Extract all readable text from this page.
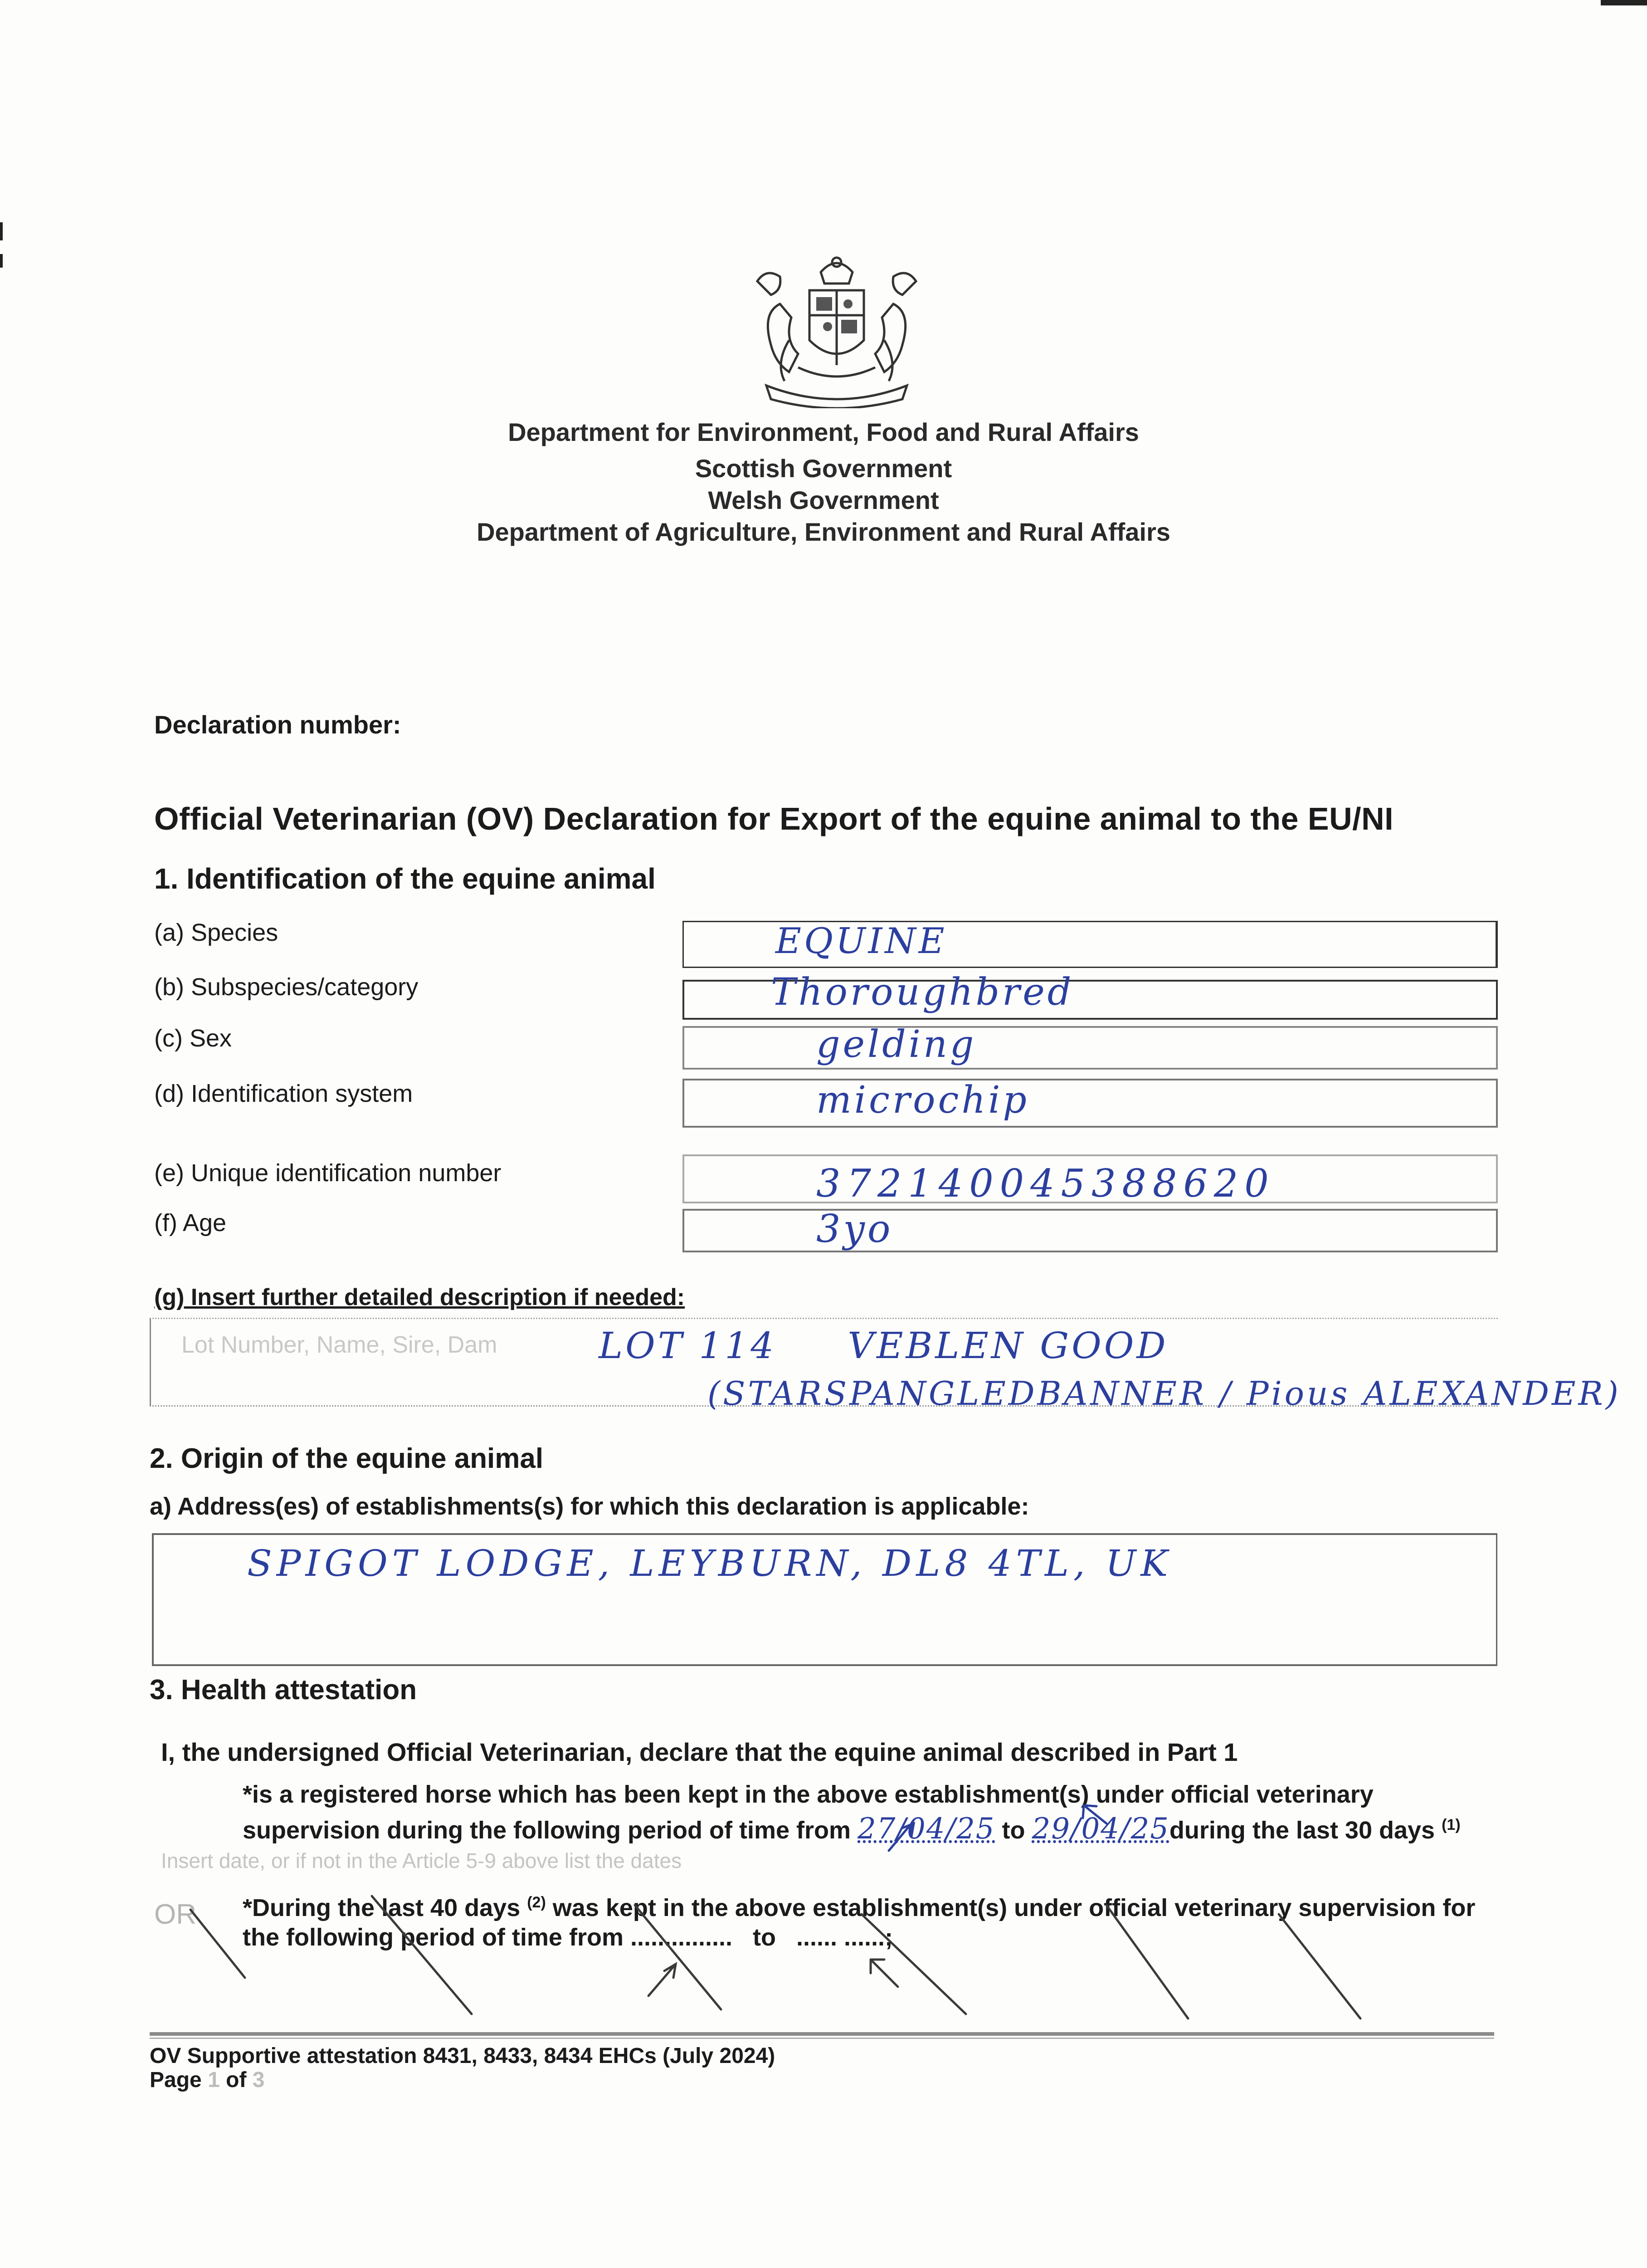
Department for Environment, Food and Rural Affairs
Scottish Government
Welsh Government
Department of Agriculture, Environment and Rural Affairs
Declaration number:
Official Veterinarian (OV) Declaration for Export of the equine animal to the EU/NI
1. Identification of the equine animal
(a) Species
(b) Subspecies/category
(c) Sex
(d) Identification system
(e) Unique identification number
(f) Age
EQUINE
Thoroughbred
gelding
microchip
372140045388620
3yo
(g) Insert further detailed description if needed:
Lot Number, Name, Sire, Dam	LOT 114     VEBLEN GOOD
(STARSPANGLEDBANNER / Pious ALEXANDER)
2. Origin of the equine animal
a) Address(es) of establishments(s) for which this declaration is applicable:
SPIGOT LODGE, LEYBURN, DL8 4TL, UK
3. Health attestation
I, the undersigned Official Veterinarian, declare that the equine animal described in Part 1
*is a registered horse which has been kept in the above establishment(s) under official veterinary
supervision during the following period of time from 27/04/25 to 29/04/25during the last 30 days $^{(1)}$
Insert date, or if not in the Article 5-9 above list the dates
OR *During the last 40 days $^{(2)}$ was kept in the above establishment(s) under official veterinary supervision for
the following period of time from ............... to ...... ......;
OV Supportive attestation 8431, 8433, 8434 EHCs (July 2024)
Page 1 of 3
